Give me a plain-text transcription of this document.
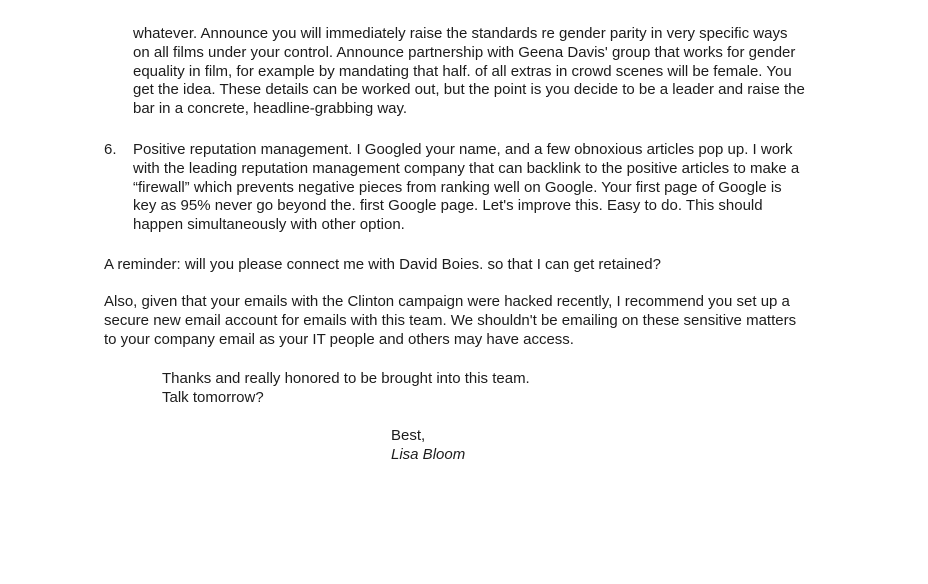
whatever. Announce you will immediately raise the standards re gender parity in very specific ways
on all films under your control. Announce partnership with Geena Davis' group that works for gender
equality in film, for example by mandating that half. of all extras in crowd scenes will be female. You
get the idea. These details can be worked out, but the point is you decide to be a leader and raise the
bar in a concrete, headline-grabbing way.
6. Positive reputation management. I Googled your name, and a few obnoxious articles pop up. I work
with the leading reputation management company that can backlink to the positive articles to make a
“firewall” which prevents negative pieces from ranking well on Google. Your first page of Google is
key as 95% never go beyond the. first Google page. Let's improve this. Easy to do. This should
happen simultaneously with other option.
A reminder: will you please connect me with David Boies. so that I can get retained?
Also, given that your emails with the Clinton campaign were hacked recently, I recommend you set up a
secure new email account for emails with this team. We shouldn't be emailing on these sensitive matters
to your company email as your IT people and others may have access.
Thanks and really honored to be brought into this team.
Talk tomorrow?
Best,
Lisa Bloom
